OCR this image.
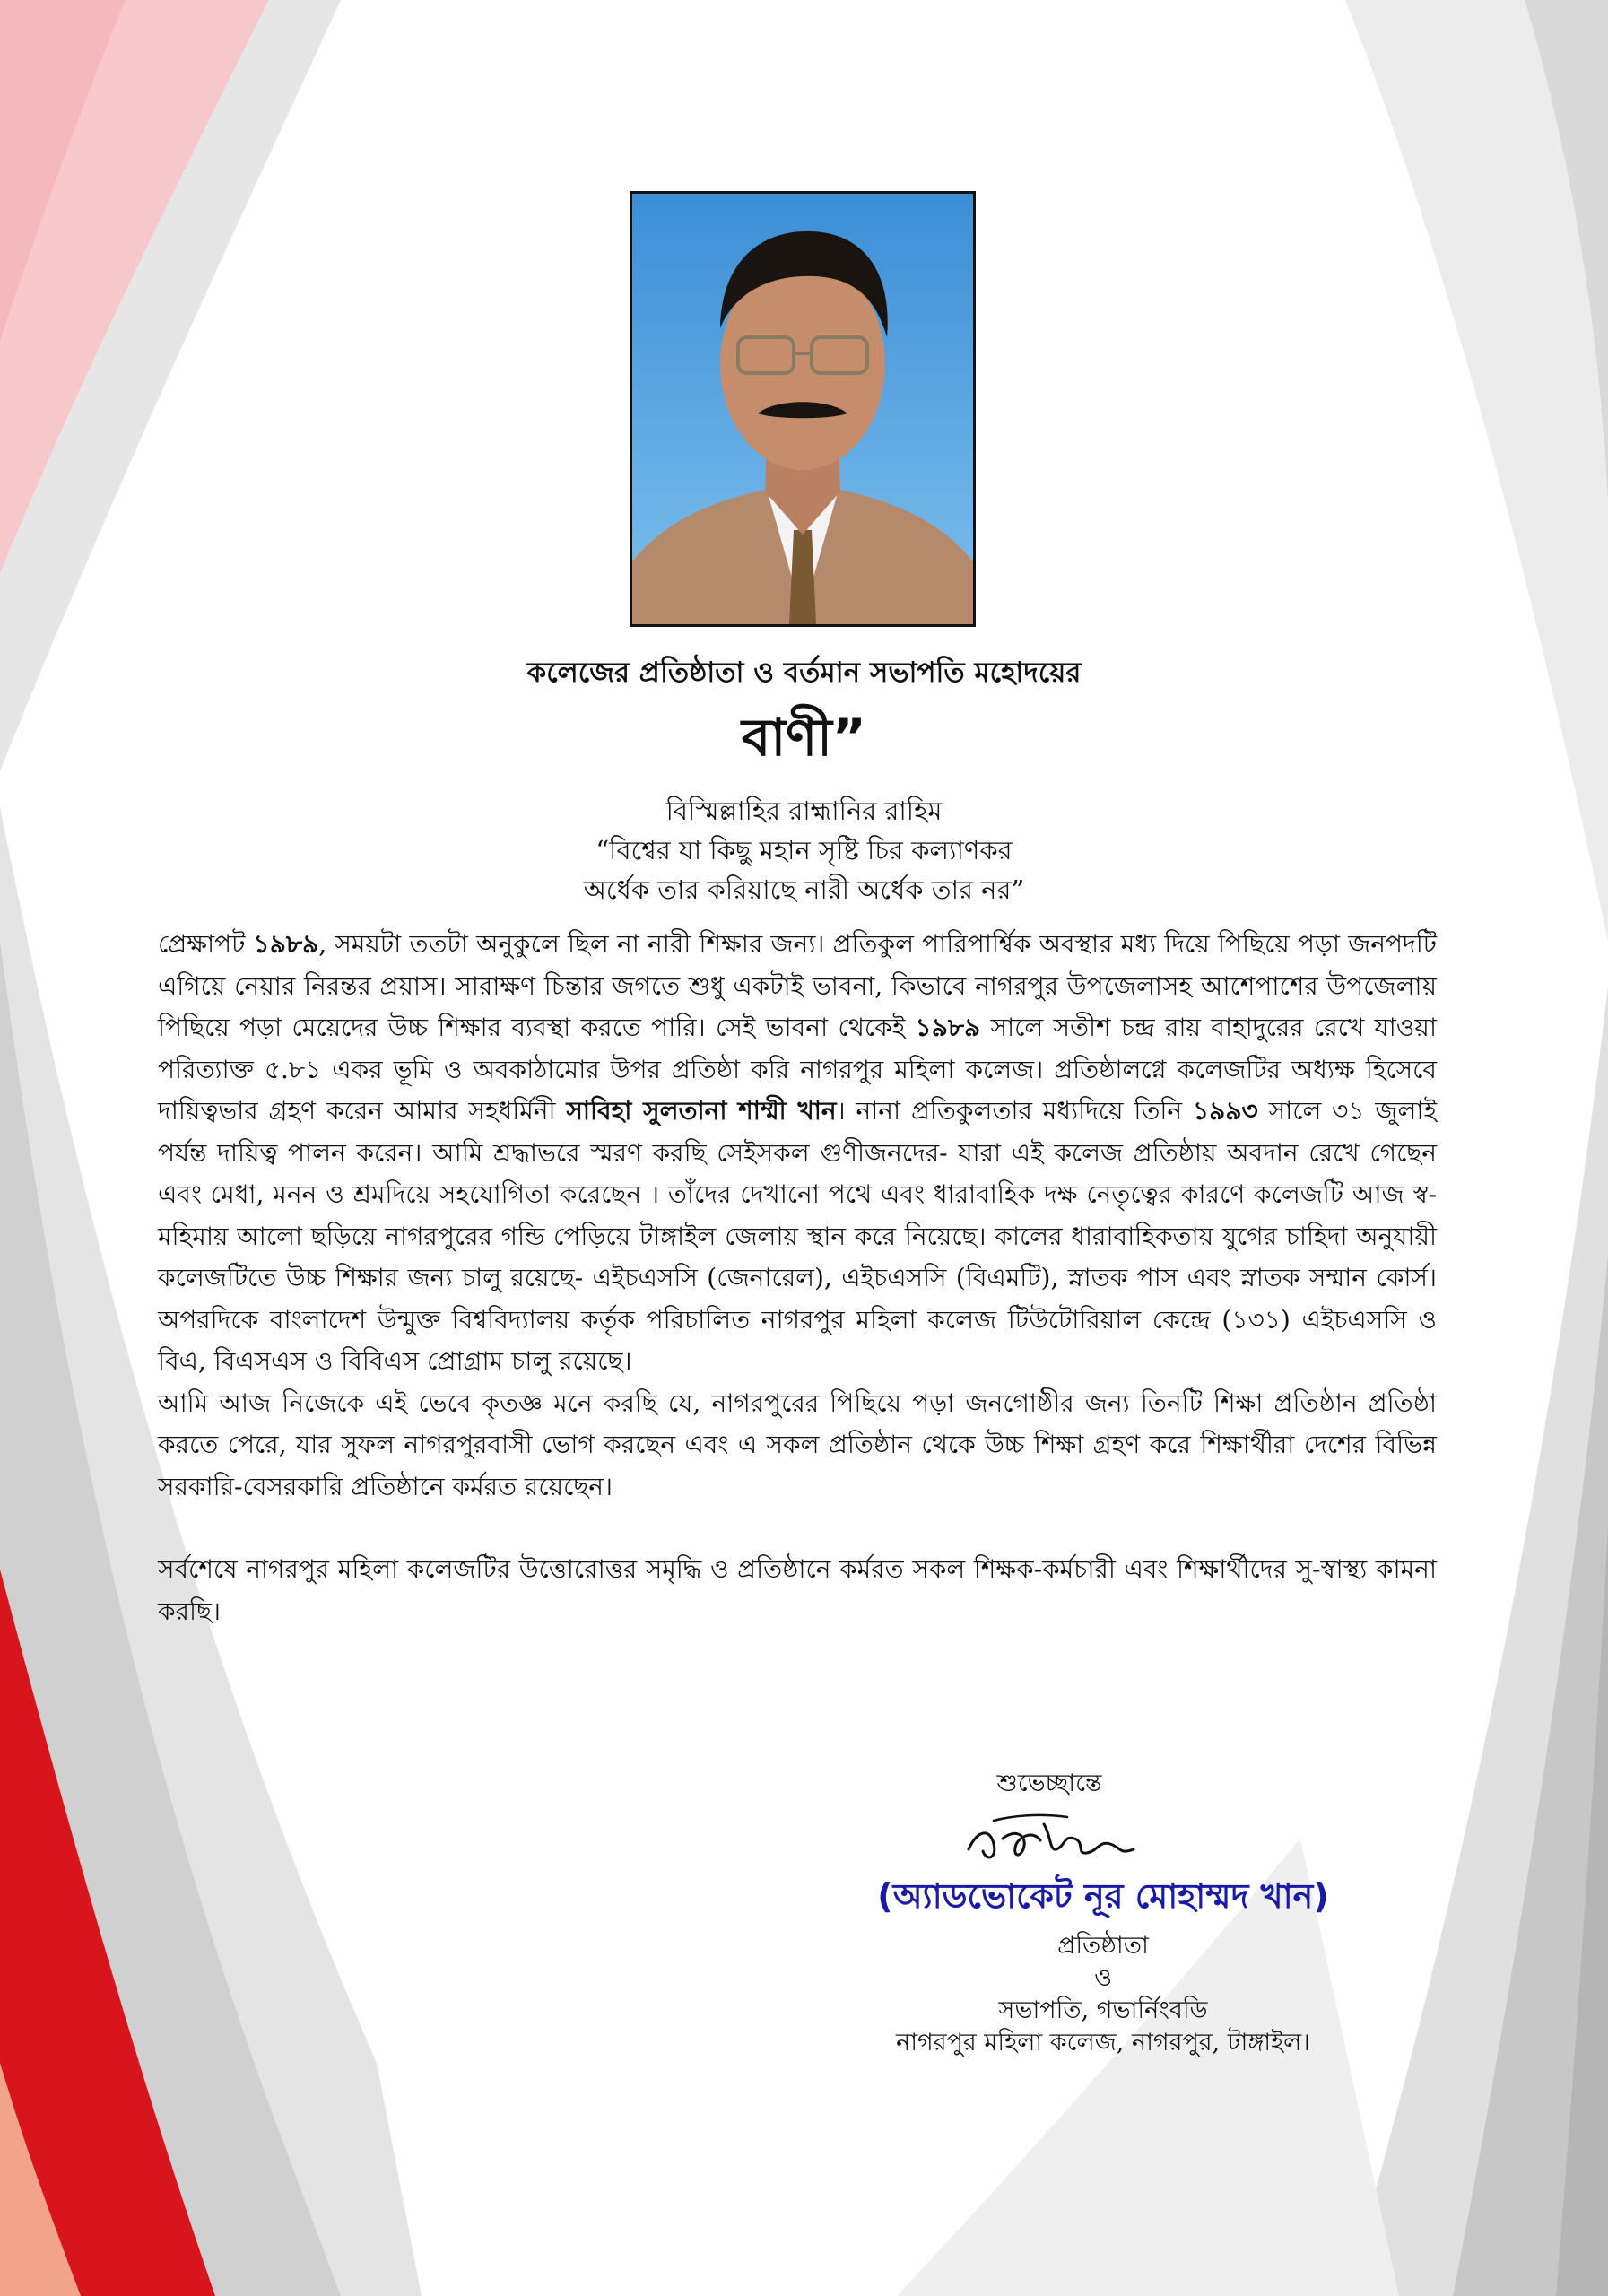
কলেজের প্রতিষ্ঠাতা ও বর্তমান সভাপতি মহোদয়ের
বাণী”
বিস্মিল্লাহির রাহ্মানির রাহিম
“বিশ্বের যা কিছু মহান সৃষ্টি চির কল্যাণকর
অর্ধেক তার করিয়াছে নারী অর্ধেক তার নর”

প্রেক্ষাপট ১৯৮৯, সময়টা ততটা অনুকুলে ছিল না নারী শিক্ষার জন্য। প্রতিকুল পারিপার্শ্বিক অবস্থার মধ্য দিয়ে পিছিয়ে পড়া জনপদটি এগিয়ে নেয়ার নিরন্তর প্রয়াস। সারাক্ষণ চিন্তার জগতে শুধু একটাই ভাবনা, কিভাবে নাগরপুর উপজেলাসহ আশেপাশের উপজেলায় পিছিয়ে পড়া মেয়েদের উচ্চ শিক্ষার ব্যবস্থা করতে পারি। সেই ভাবনা থেকেই ১৯৮৯ সালে সতীশ চন্দ্র রায় বাহাদুরের রেখে যাওয়া পরিত্যাক্ত ৫.৮১ একর ভূমি ও অবকাঠামোর উপর প্রতিষ্ঠা করি নাগরপুর মহিলা কলেজ। প্রতিষ্ঠালগ্নে কলেজটির অধ্যক্ষ হিসেবে দায়িত্বভার গ্রহণ করেন আমার সহধর্মিনী সাবিহা সুলতানা শাম্মী খান। নানা প্রতিকুলতার মধ্যদিয়ে তিনি ১৯৯৩ সালে ৩১ জুলাই পর্যন্ত দায়িত্ব পালন করেন। আমি শ্রদ্ধাভরে স্মরণ করছি সেইসকল গুণীজনদের- যারা এই কলেজ প্রতিষ্ঠায় অবদান রেখে গেছেন এবং মেধা, মনন ও শ্রমদিয়ে সহযোগিতা করেছেন । তাঁদের দেখানো পথে এবং ধারাবাহিক দক্ষ নেতৃত্বের কারণে কলেজটি আজ স্ব-মহিমায় আলো ছড়িয়ে নাগরপুরের গন্ডি পেড়িয়ে টাঙ্গাইল জেলায় স্থান করে নিয়েছে। কালের ধারাবাহিকতায় যুগের চাহিদা অনুযায়ী কলেজটিতে উচ্চ শিক্ষার জন্য চালু রয়েছে- এইচএসসি (জেনারেল), এইচএসসি (বিএমটি), স্নাতক পাস এবং স্নাতক সম্মান কোর্স। অপরদিকে বাংলাদেশ উন্মুক্ত বিশ্ববিদ্যালয় কর্তৃক পরিচালিত নাগরপুর মহিলা কলেজ টিউটোরিয়াল কেন্দ্রে (১৩১) এইচএসসি ও বিএ, বিএসএস ও বিবিএস প্রোগ্রাম চালু রয়েছে।

আমি আজ নিজেকে এই ভেবে কৃতজ্ঞ মনে করছি যে, নাগরপুরের পিছিয়ে পড়া জনগোষ্ঠীর জন্য তিনটি শিক্ষা প্রতিষ্ঠান প্রতিষ্ঠা করতে পেরে, যার সুফল নাগরপুরবাসী ভোগ করছেন এবং এ সকল প্রতিষ্ঠান থেকে উচ্চ শিক্ষা গ্রহণ করে শিক্ষার্থীরা দেশের বিভিন্ন সরকারি-বেসরকারি প্রতিষ্ঠানে কর্মরত রয়েছেন।

সর্বশেষে নাগরপুর মহিলা কলেজটির উত্তোরোত্তর সমৃদ্ধি ও প্রতিষ্ঠানে কর্মরত সকল শিক্ষক-কর্মচারী এবং শিক্ষার্থীদের সু-স্বাস্থ্য কামনা করছি।

শুভেচ্ছান্তে
(অ্যাডভোকেট নূর মোহাম্মদ খান)
প্রতিষ্ঠাতা
ও
সভাপতি, গভার্নিংবডি
নাগরপুর মহিলা কলেজ, নাগরপুর, টাঙ্গাইল।
